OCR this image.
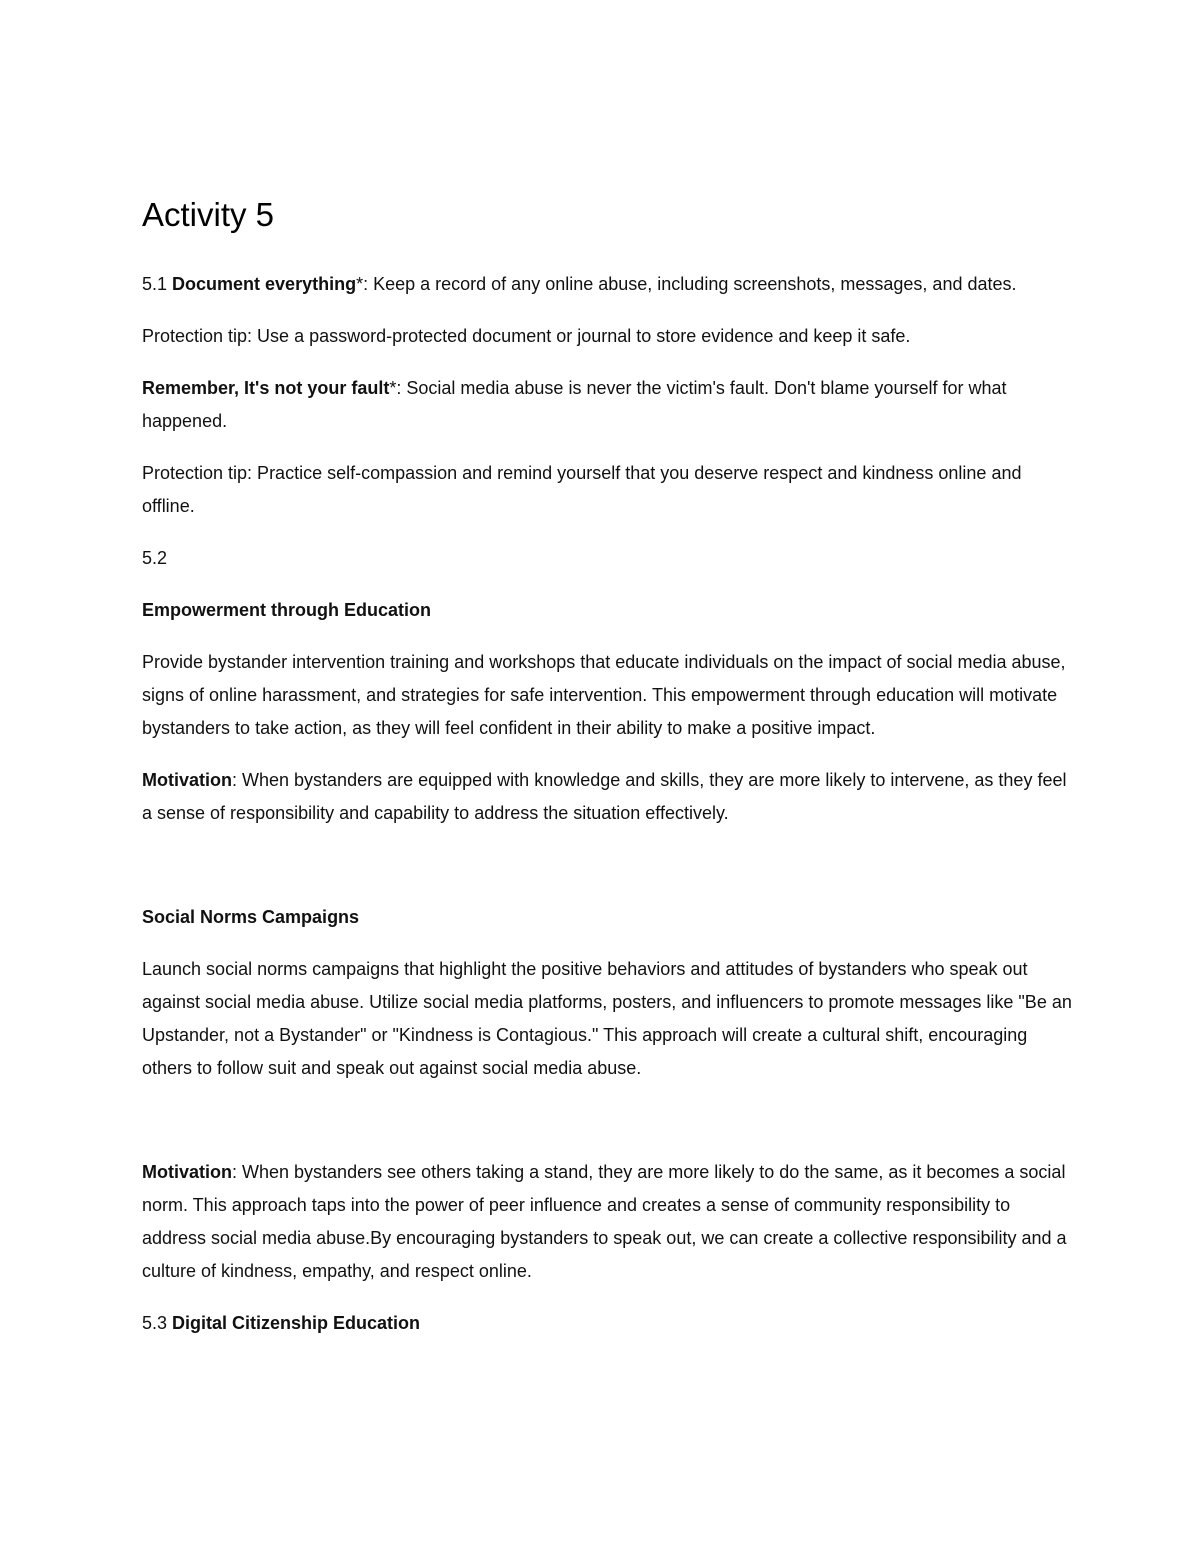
Activity 5

5.1 Document everything*: Keep a record of any online abuse, including screenshots, messages, and dates.

Protection tip: Use a password-protected document or journal to store evidence and keep it safe.

Remember, It's not your fault*: Social media abuse is never the victim's fault. Don't blame yourself for what happened.

Protection tip: Practice self-compassion and remind yourself that you deserve respect and kindness online and offline.

5.2

Empowerment through Education

Provide bystander intervention training and workshops that educate individuals on the impact of social media abuse, signs of online harassment, and strategies for safe intervention. This empowerment through education will motivate bystanders to take action, as they will feel confident in their ability to make a positive impact.

Motivation: When bystanders are equipped with knowledge and skills, they are more likely to intervene, as they feel a sense of responsibility and capability to address the situation effectively.

Social Norms Campaigns

Launch social norms campaigns that highlight the positive behaviors and attitudes of bystanders who speak out against social media abuse. Utilize social media platforms, posters, and influencers to promote messages like "Be an Upstander, not a Bystander" or "Kindness is Contagious." This approach will create a cultural shift, encouraging others to follow suit and speak out against social media abuse.

Motivation: When bystanders see others taking a stand, they are more likely to do the same, as it becomes a social norm. This approach taps into the power of peer influence and creates a sense of community responsibility to address social media abuse.By encouraging bystanders to speak out, we can create a collective responsibility and a culture of kindness, empathy, and respect online.

5.3 Digital Citizenship Education
